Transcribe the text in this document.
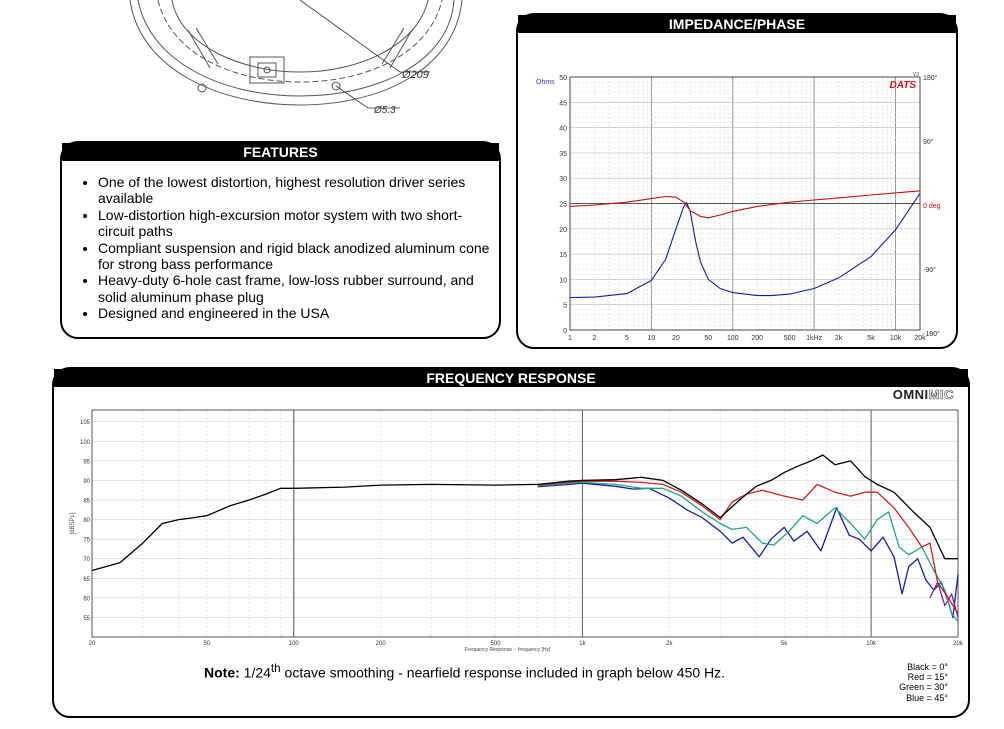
Ø209
Ø5.3
FEATURES
• One of the lowest distortion, highest resolution driver series available
• Low-distortion high-excursion motor system with two short-circuit paths
• Compliant suspension and rigid black anodized aluminum cone for strong bass performance
• Heavy-duty 6-hole cast frame, low-loss rubber surround, and solid aluminum phase plug
• Designed and engineered in the USA
IMPEDANCE/PHASE
0
5
10
15
20
25
30
35
40
45
50
1	2	5	10 20	50 100 200	500 1kHz 2k	5k 10k 20k
180°
90°
0 deg
-90°
-180°
Ohms	DATS
V3
FREQUENCY RESPONSE
OMNIMIC
55
60
65
70
75
80
85
90
95
100
105
20	50	100	200	500	1k	2k	5k	10k	20k
Frequency Response -- frequency [Hz]
[dBSPL]
Note: 1/24th octave smoothing - nearfield response included in graph below 450 Hz.	Black = 0°
Red = 15°
Green = 30°
Blue = 45°
